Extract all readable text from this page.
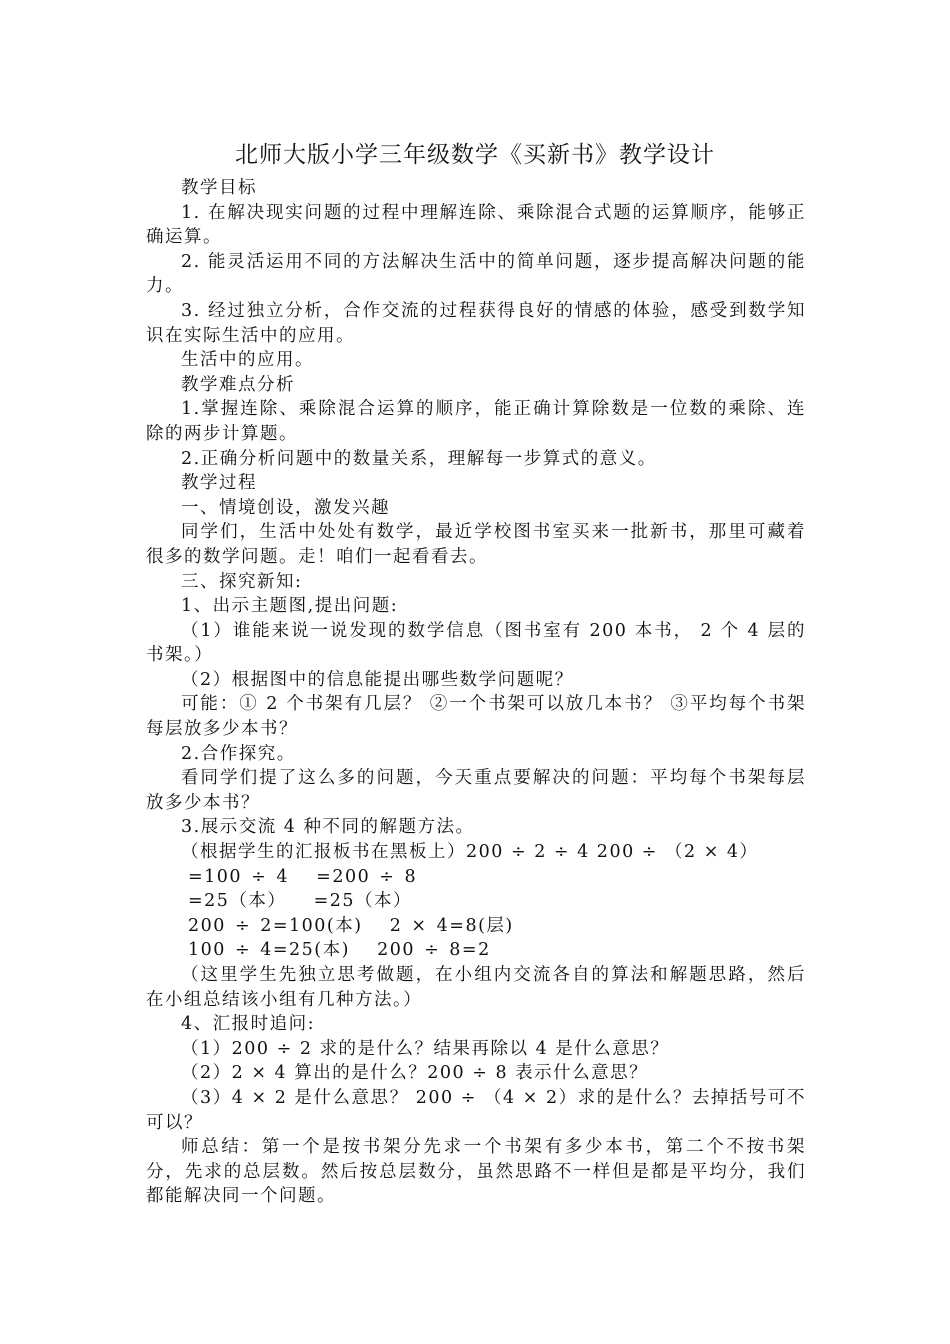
北师大版小学三年级数学《买新书》教学设计

教学目标

1. 在解决现实问题的过程中理解连除、乘除混合式题的运算顺序，能够正确运算。

2. 能灵活运用不同的方法解决生活中的简单问题，逐步提高解决问题的能力。

3. 经过独立分析，合作交流的过程获得良好的情感的体验，感受到数学知识在实际生活中的应用。

生活中的应用。

教学难点分析

1.掌握连除、乘除混合运算的顺序，能正确计算除数是一位数的乘除、连除的两步计算题。

2.正确分析问题中的数量关系，理解每一步算式的意义。

教学过程

一、情境创设，激发兴趣

同学们，生活中处处有数学，最近学校图书室买来一批新书，那里可藏着很多的数学问题。走！咱们一起看看去。

三、探究新知:

1、出示主题图,提出问题:

（1）谁能来说一说发现的数学信息（图书室有 200 本书， 2 个 4 层的书架。）

（2）根据图中的信息能提出哪些数学问题呢？

可能：① 2 个书架有几层？ ②一个书架可以放几本书？ ③平均每个书架每层放多少本书？

2.合作探究。

看同学们提了这么多的问题，今天重点要解决的问题：平均每个书架每层放多少本书？

3.展示交流 4 种不同的解题方法。

（根据学生的汇报板书在黑板上）200 ÷ 2 ÷ 4 200 ÷ （2 × 4）

=100 ÷ 4   =200 ÷ 8

=25（本）   =25（本）

200 ÷ 2=100(本)   2 × 4=8(层)

100 ÷ 4=25(本)   200 ÷ 8=2

（这里学生先独立思考做题，在小组内交流各自的算法和解题思路，然后在小组总结该小组有几种方法。）

4、汇报时追问:

（1）200 ÷ 2 求的是什么？结果再除以 4 是什么意思？

（2）2 × 4 算出的是什么？200 ÷ 8 表示什么意思？

（3）4 × 2 是什么意思？ 200 ÷ （4 × 2）求的是什么？去掉括号可不可以？

师总结：第一个是按书架分先求一个书架有多少本书，第二个不按书架分，先求的总层数。然后按总层数分，虽然思路不一样但是都是平均分，我们都能解决同一个问题。
